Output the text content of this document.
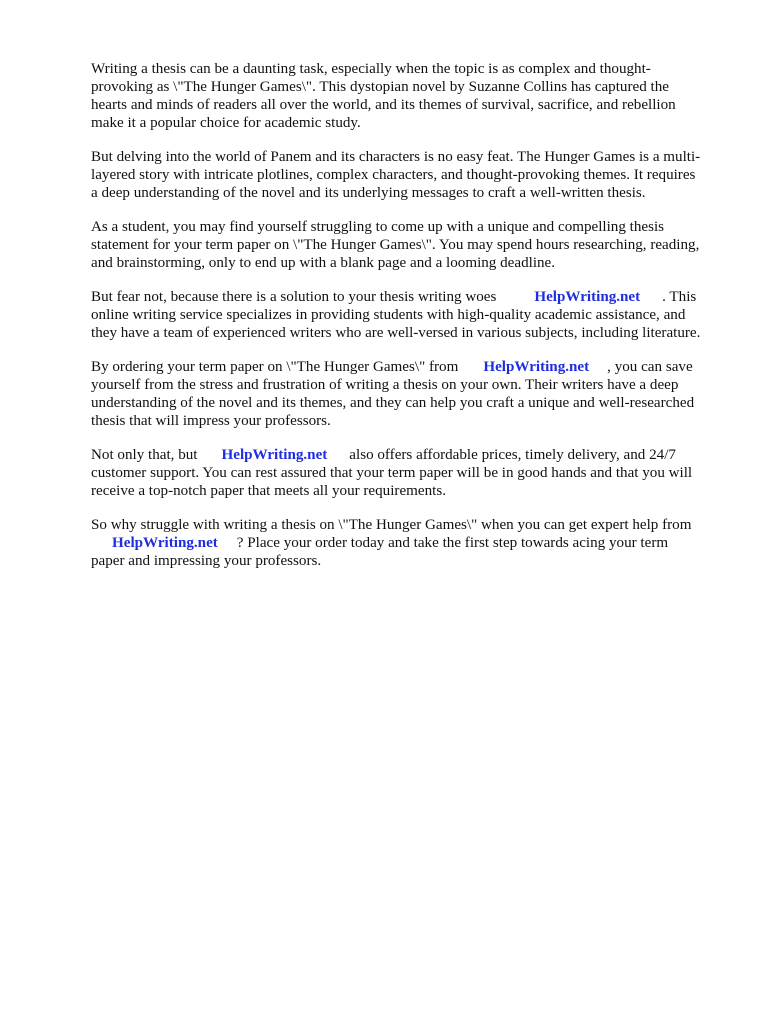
Writing a thesis can be a daunting task, especially when the topic is as complex and thought-
provoking as \"The Hunger Games\". This dystopian novel by Suzanne Collins has captured the
hearts and minds of readers all over the world, and its themes of survival, sacrifice, and rebellion
make it a popular choice for academic study.

But delving into the world of Panem and its characters is no easy feat. The Hunger Games is a multi-
layered story with intricate plotlines, complex characters, and thought-provoking themes. It requires
a deep understanding of the novel and its underlying messages to craft a well-written thesis.

As a student, you may find yourself struggling to come up with a unique and compelling thesis
statement for your term paper on \"The Hunger Games\". You may spend hours researching, reading,
and brainstorming, only to end up with a blank page and a looming deadline.

But fear not, because there is a solution to your thesis writing woes	HelpWriting.net . This
online writing service specializes in providing students with high-quality academic assistance, and
they have a team of experienced writers who are well-versed in various subjects, including literature.

By ordering your term paper on \"The Hunger Games\" from HelpWriting.net , you can save
yourself from the stress and frustration of writing a thesis on your own. Their writers have a deep
understanding of the novel and its themes, and they can help you craft a unique and well-researched
thesis that will impress your professors.

Not only that, but HelpWriting.net also offers affordable prices, timely delivery, and 24/7
customer support. You can rest assured that your term paper will be in good hands and that you will
receive a top-notch paper that meets all your requirements.

So why struggle with writing a thesis on \"The Hunger Games\" when you can get expert help from
HelpWriting.net ? Place your order today and take the first step towards acing your term
paper and impressing your professors.
